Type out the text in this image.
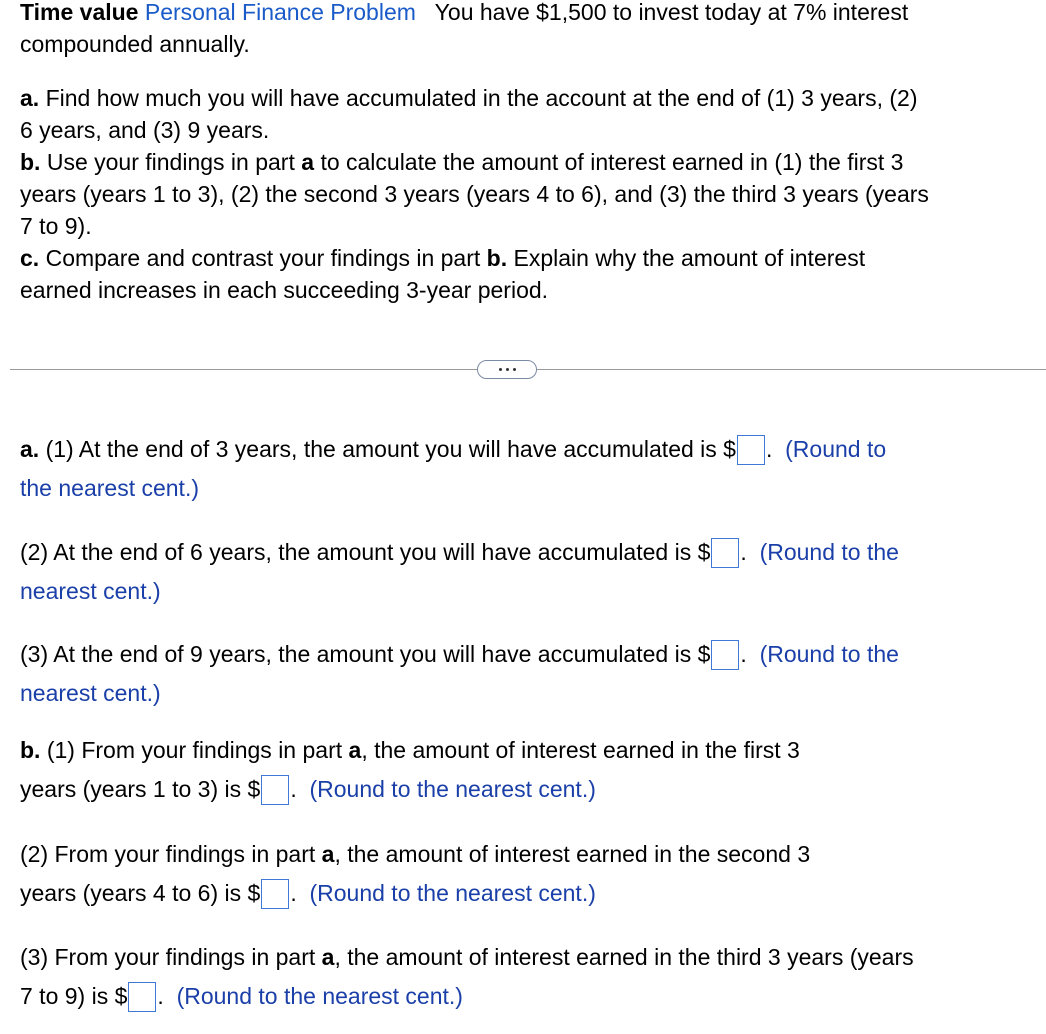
Time value Personal Finance Problem You have $1,500 to invest today at 7% interest
compounded annually.
a. Find how much you will have accumulated in the account at the end of (1) 3 years, (2)
6 years, and (3) 9 years.
b. Use your findings in part a to calculate the amount of interest earned in (1) the first 3
years (years 1 to 3), (2) the second 3 years (years 4 to 6), and (3) the third 3 years (years
7 to 9).
c. Compare and contrast your findings in part b. Explain why the amount of interest
earned increases in each succeeding 3-year period.
a. (1) At the end of 3 years, the amount you will have accumulated is $ . (Round to
the nearest cent.)
(2) At the end of 6 years, the amount you will have accumulated is $ . (Round to the
nearest cent.)
(3) At the end of 9 years, the amount you will have accumulated is $ . (Round to the
nearest cent.)
b. (1) From your findings in part a, the amount of interest earned in the first 3
years (years 1 to 3) is $ . (Round to the nearest cent.)
(2) From your findings in part a, the amount of interest earned in the second 3
years (years 4 to 6) is $ . (Round to the nearest cent.)
(3) From your findings in part a, the amount of interest earned in the third 3 years (years
7 to 9) is $ . (Round to the nearest cent.)
